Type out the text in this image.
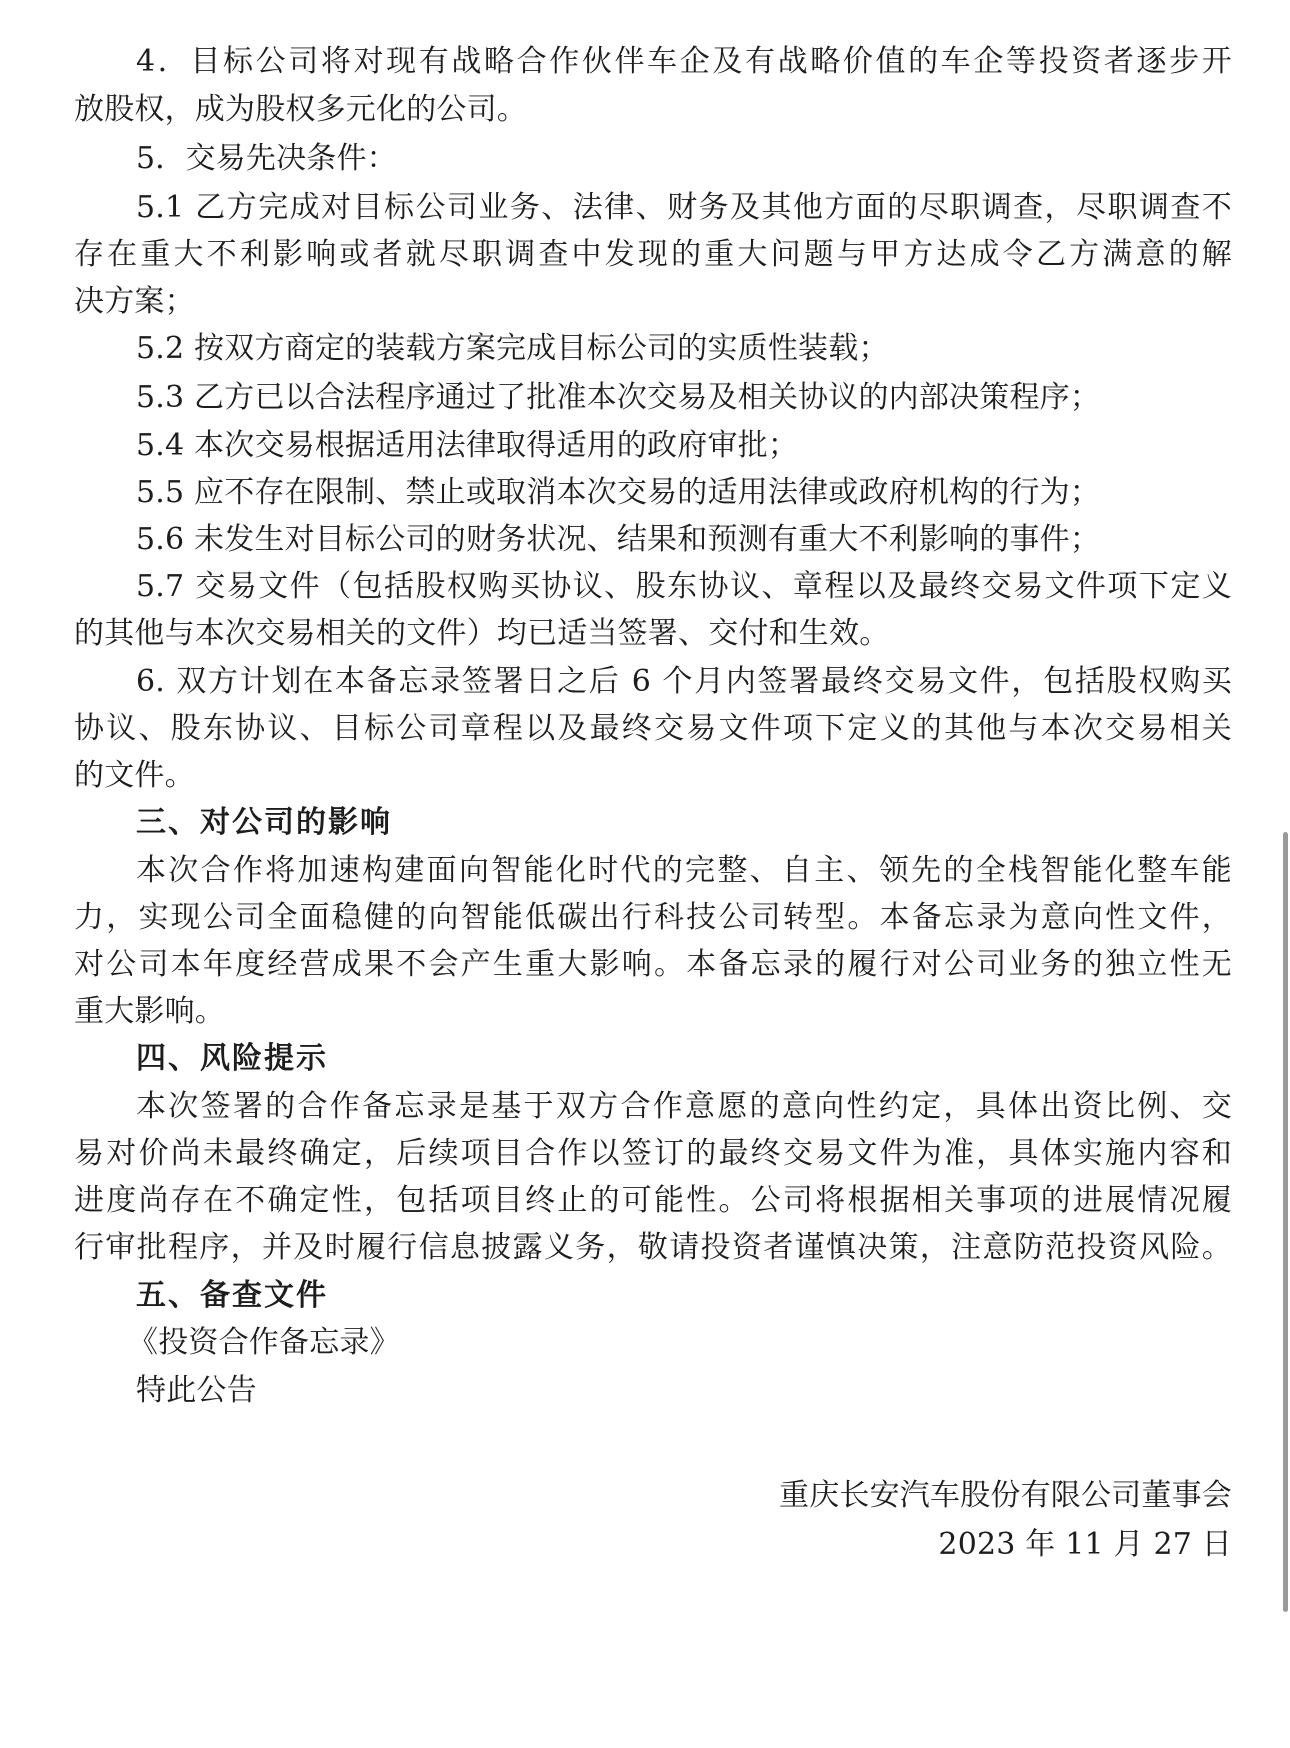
4．目标公司将对现有战略合作伙伴车企及有战略价值的车企等投资者逐步开
放股权，成为股权多元化的公司。
5．交易先决条件：
5.1 乙方完成对目标公司业务、法律、财务及其他方面的尽职调查，尽职调查不
存在重大不利影响或者就尽职调查中发现的重大问题与甲方达成令乙方满意的解
决方案；
5.2 按双方商定的装载方案完成目标公司的实质性装载；
5.3 乙方已以合法程序通过了批准本次交易及相关协议的内部决策程序；
5.4 本次交易根据适用法律取得适用的政府审批；
5.5 应不存在限制、禁止或取消本次交易的适用法律或政府机构的行为；
5.6 未发生对目标公司的财务状况、结果和预测有重大不利影响的事件；
5.7 交易文件（包括股权购买协议、股东协议、章程以及最终交易文件项下定义
的其他与本次交易相关的文件）均已适当签署、交付和生效。
6. 双方计划在本备忘录签署日之后 6 个月内签署最终交易文件，包括股权购买
协议、股东协议、目标公司章程以及最终交易文件项下定义的其他与本次交易相关
的文件。
三、对公司的影响
本次合作将加速构建面向智能化时代的完整、自主、领先的全栈智能化整车能
力，实现公司全面稳健的向智能低碳出行科技公司转型。本备忘录为意向性文件，
对公司本年度经营成果不会产生重大影响。本备忘录的履行对公司业务的独立性无
重大影响。
四、风险提示
本次签署的合作备忘录是基于双方合作意愿的意向性约定，具体出资比例、交
易对价尚未最终确定，后续项目合作以签订的最终交易文件为准，具体实施内容和
进度尚存在不确定性，包括项目终止的可能性。公司将根据相关事项的进展情况履
行审批程序，并及时履行信息披露义务，敬请投资者谨慎决策，注意防范投资风险。
五、备查文件
《投资合作备忘录》
特此公告
重庆长安汽车股份有限公司董事会
2023 年 11 月 27 日
